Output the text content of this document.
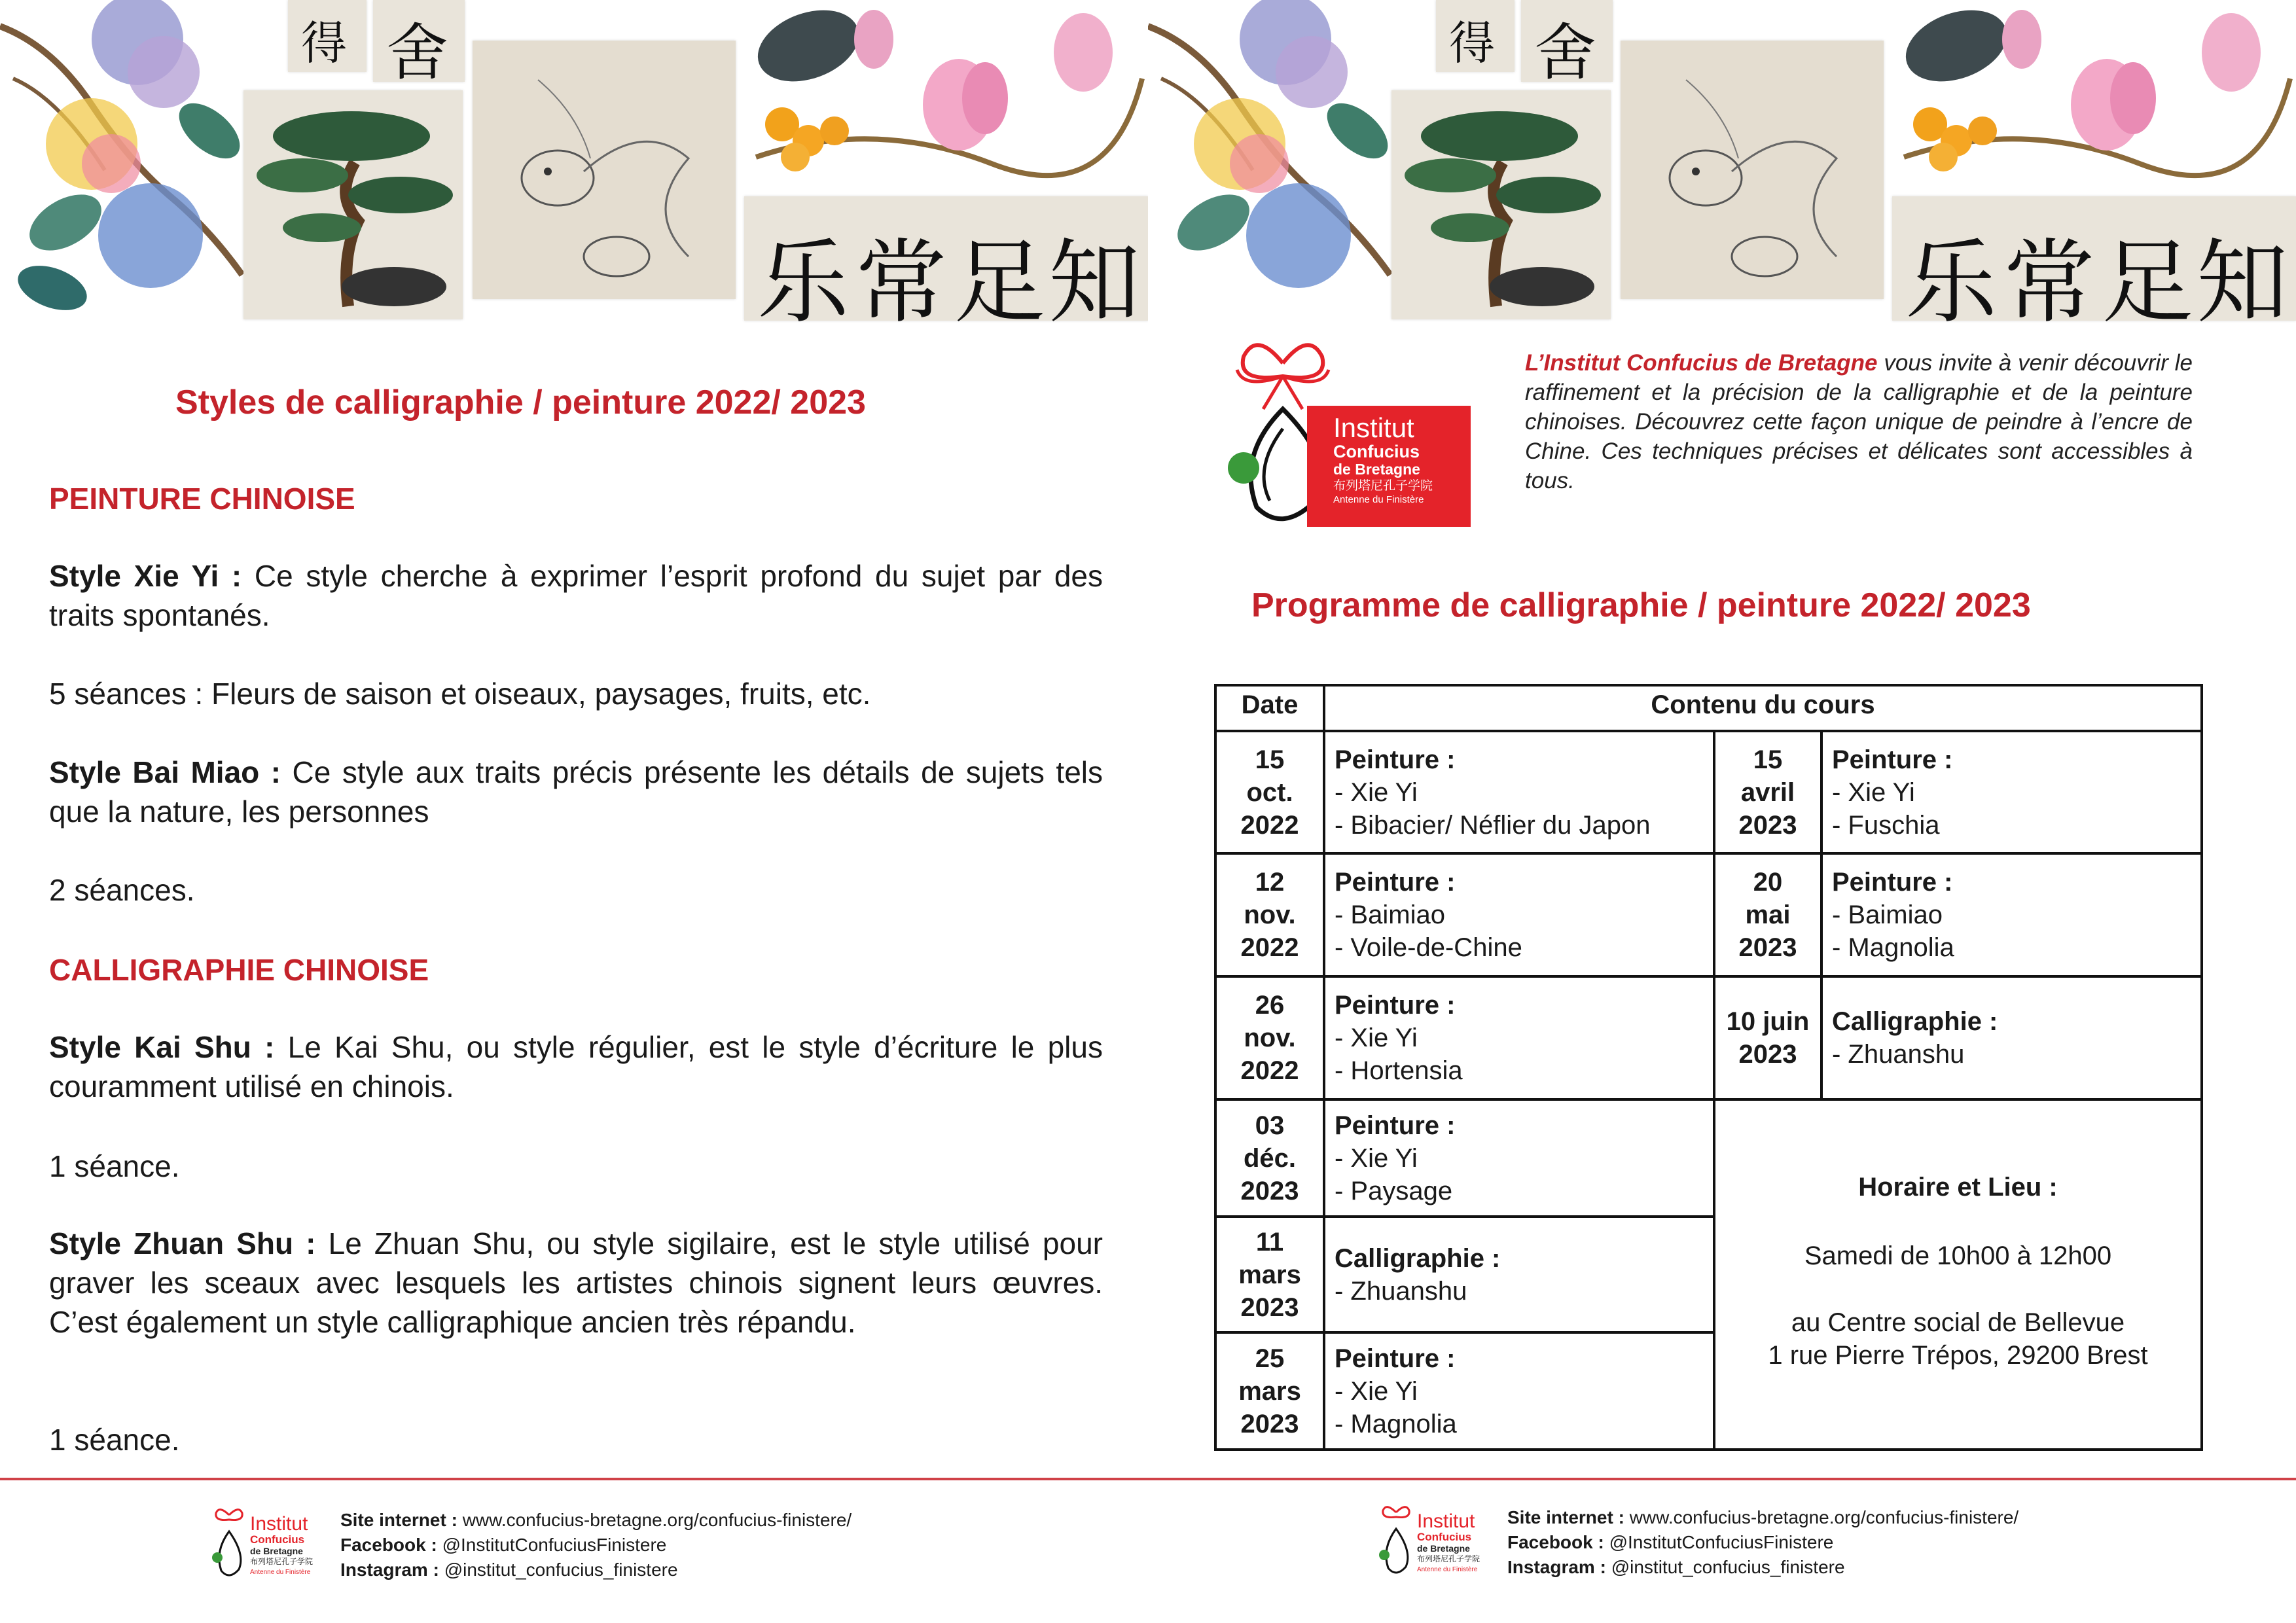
得 舍
乐 常 足 知
得 舍
乐 常 足 知
Styles de calligraphie / peinture 2022/ 2023
PEINTURE CHINOISE
Style Xie Yi : Ce style cherche à exprimer l’esprit profond du sujet par des traits spontanés.
5 séances : Fleurs de saison et oiseaux, paysages, fruits, etc.
Style Bai Miao : Ce style aux traits précis présente les détails de sujets tels que la nature, les personnes
2 séances.
CALLIGRAPHIE CHINOISE
Style Kai Shu : Le Kai Shu, ou style régulier, est le style d’écriture le plus couramment utilisé en chinois.
1 séance.
Style Zhuan Shu : Le Zhuan Shu, ou style sigilaire, est le style utilisé pour graver les sceaux avec lesquels les artistes chinois signent leurs œuvres. C’est également un style calligraphique ancien très répandu.
1 séance.
Institut
Confucius
de Bretagne
布列塔尼孔子学院
Antenne du Finistère
L’Institut Confucius de Bretagne vous invite à venir découvrir le raffinement et la précision de la calligraphie et de la peinture chinoises. Découvrez cette façon unique de peindre à l’encre de Chine. Ces techniques précises et délicates sont accessibles à tous.
Programme de calligraphie / peinture 2022/ 2023
Date	Contenu du cours
15
oct.
2022
Peinture :
- Xie Yi
- Bibacier/ Néflier du Japon
12
nov.
2022
Peinture :
- Baimiao
- Voile-de-Chine
26
nov.
2022
Peinture :
- Xie Yi
- Hortensia
03
déc.
2023
Peinture :
- Xie Yi
- Paysage
11
mars
2023
Calligraphie :
- Zhuanshu
25
mars
2023
Peinture :
- Xie Yi
- Magnolia
15
avril
2023
Peinture :
- Xie Yi
- Fuschia
20
mai
2023
Peinture :
- Baimiao
- Magnolia
10 juin
2023
Calligraphie :
- Zhuanshu
Horaire et Lieu :
Samedi de 10h00 à 12h00
au Centre social de Bellevue
1 rue Pierre Trépos, 29200 Brest
Institut
Confucius
de Bretagne
布列塔尼孔子学院
Antenne du Finistère
Site internet : www.confucius-bretagne.org/confucius-finistere/
Facebook : @InstitutConfuciusFinistere
Instagram : @institut_confucius_finistere
Institut
Confucius
de Bretagne
布列塔尼孔子学院
Antenne du Finistère
Site internet : www.confucius-bretagne.org/confucius-finistere/
Facebook : @InstitutConfuciusFinistere
Instagram : @institut_confucius_finistere
